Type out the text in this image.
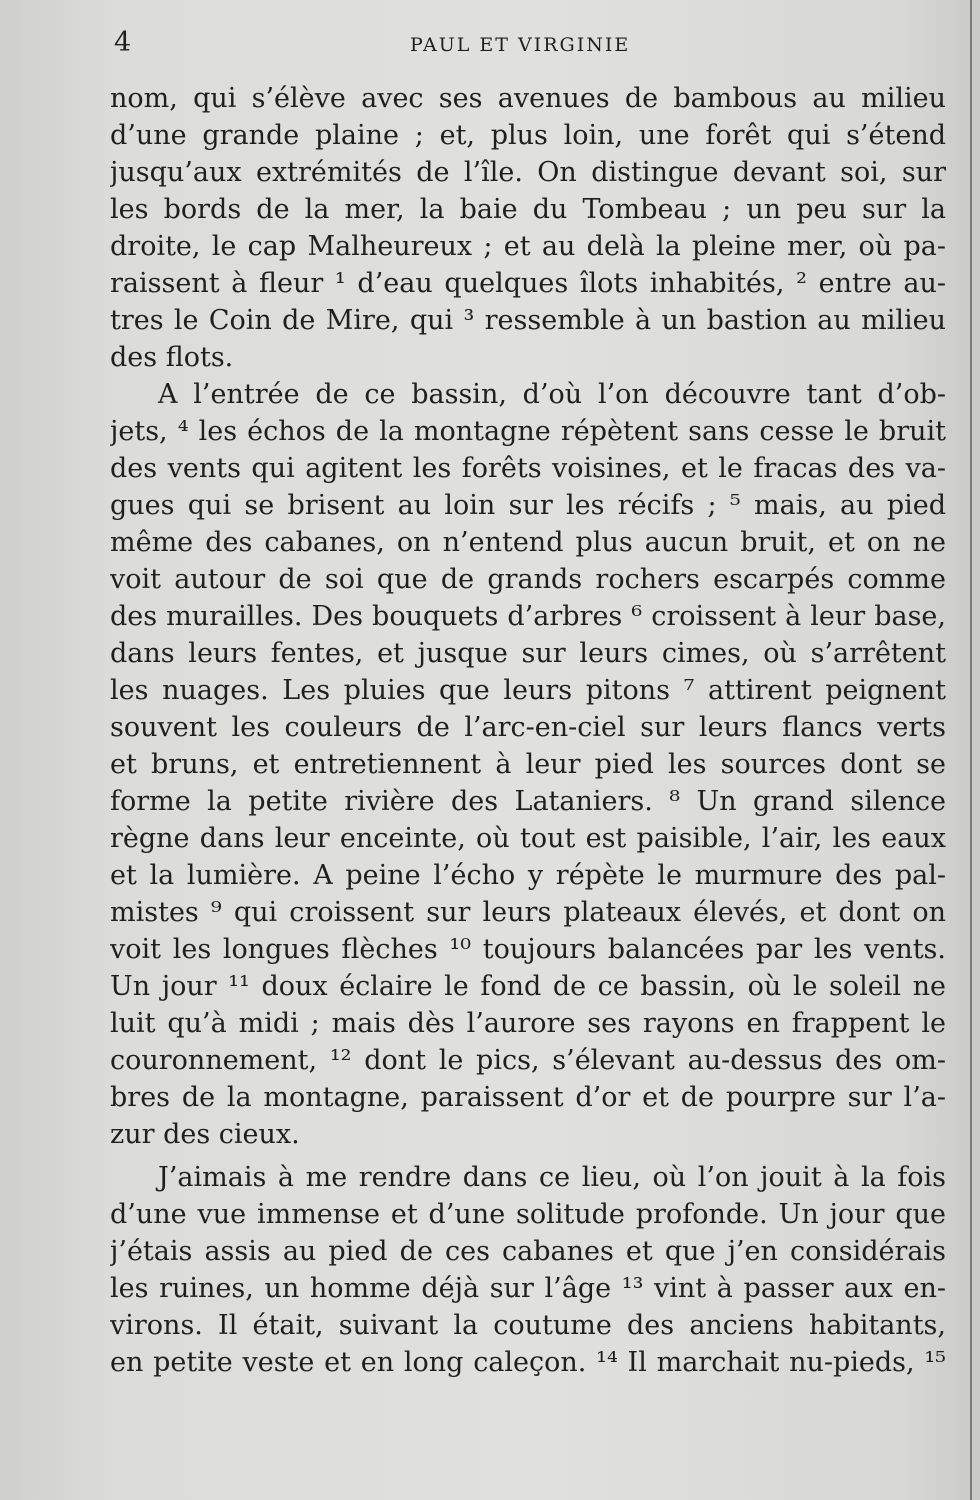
4	PAUL ET VIRGINIE
nom, qui s’élève avec ses avenues de bambous au milieu
d’une grande plaine ; et, plus loin, une forêt qui s’étend
jusqu’aux extrémités de l’île. On distingue devant soi, sur
les bords de la mer, la baie du Tombeau ; un peu sur la
droite, le cap Malheureux ; et au delà la pleine mer, où pa-
raissent à fleur ¹ d’eau quelques îlots inhabités, ² entre au-
tres le Coin de Mire, qui ³ ressemble à un bastion au milieu
des flots.
A l’entrée de ce bassin, d’où l’on découvre tant d’ob-
jets, ⁴ les échos de la montagne répètent sans cesse le bruit
des vents qui agitent les forêts voisines, et le fracas des va-
gues qui se brisent au loin sur les récifs ; ⁵ mais, au pied
même des cabanes, on n’entend plus aucun bruit, et on ne
voit autour de soi que de grands rochers escarpés comme
des murailles. Des bouquets d’arbres ⁶ croissent à leur base,
dans leurs fentes, et jusque sur leurs cimes, où s’arrêtent
les nuages. Les pluies que leurs pitons ⁷ attirent peignent
souvent les couleurs de l’arc-en-ciel sur leurs flancs verts
et bruns, et entretiennent à leur pied les sources dont se
forme la petite rivière des Lataniers. ⁸ Un grand silence
règne dans leur enceinte, où tout est paisible, l’air, les eaux
et la lumière. A peine l’écho y répète le murmure des pal-
mistes ⁹ qui croissent sur leurs plateaux élevés, et dont on
voit les longues flèches ¹⁰ toujours balancées par les vents.
Un jour ¹¹ doux éclaire le fond de ce bassin, où le soleil ne
luit qu’à midi ; mais dès l’aurore ses rayons en frappent le
couronnement, ¹² dont le pics, s’élevant au-dessus des om-
bres de la montagne, paraissent d’or et de pourpre sur l’a-
zur des cieux.
J’aimais à me rendre dans ce lieu, où l’on jouit à la fois
d’une vue immense et d’une solitude profonde. Un jour que
j’étais assis au pied de ces cabanes et que j’en considérais
les ruines, un homme déjà sur l’âge ¹³ vint à passer aux en-
virons. Il était, suivant la coutume des anciens habitants,
en petite veste et en long caleçon. ¹⁴ Il marchait nu-pieds, ¹⁵
